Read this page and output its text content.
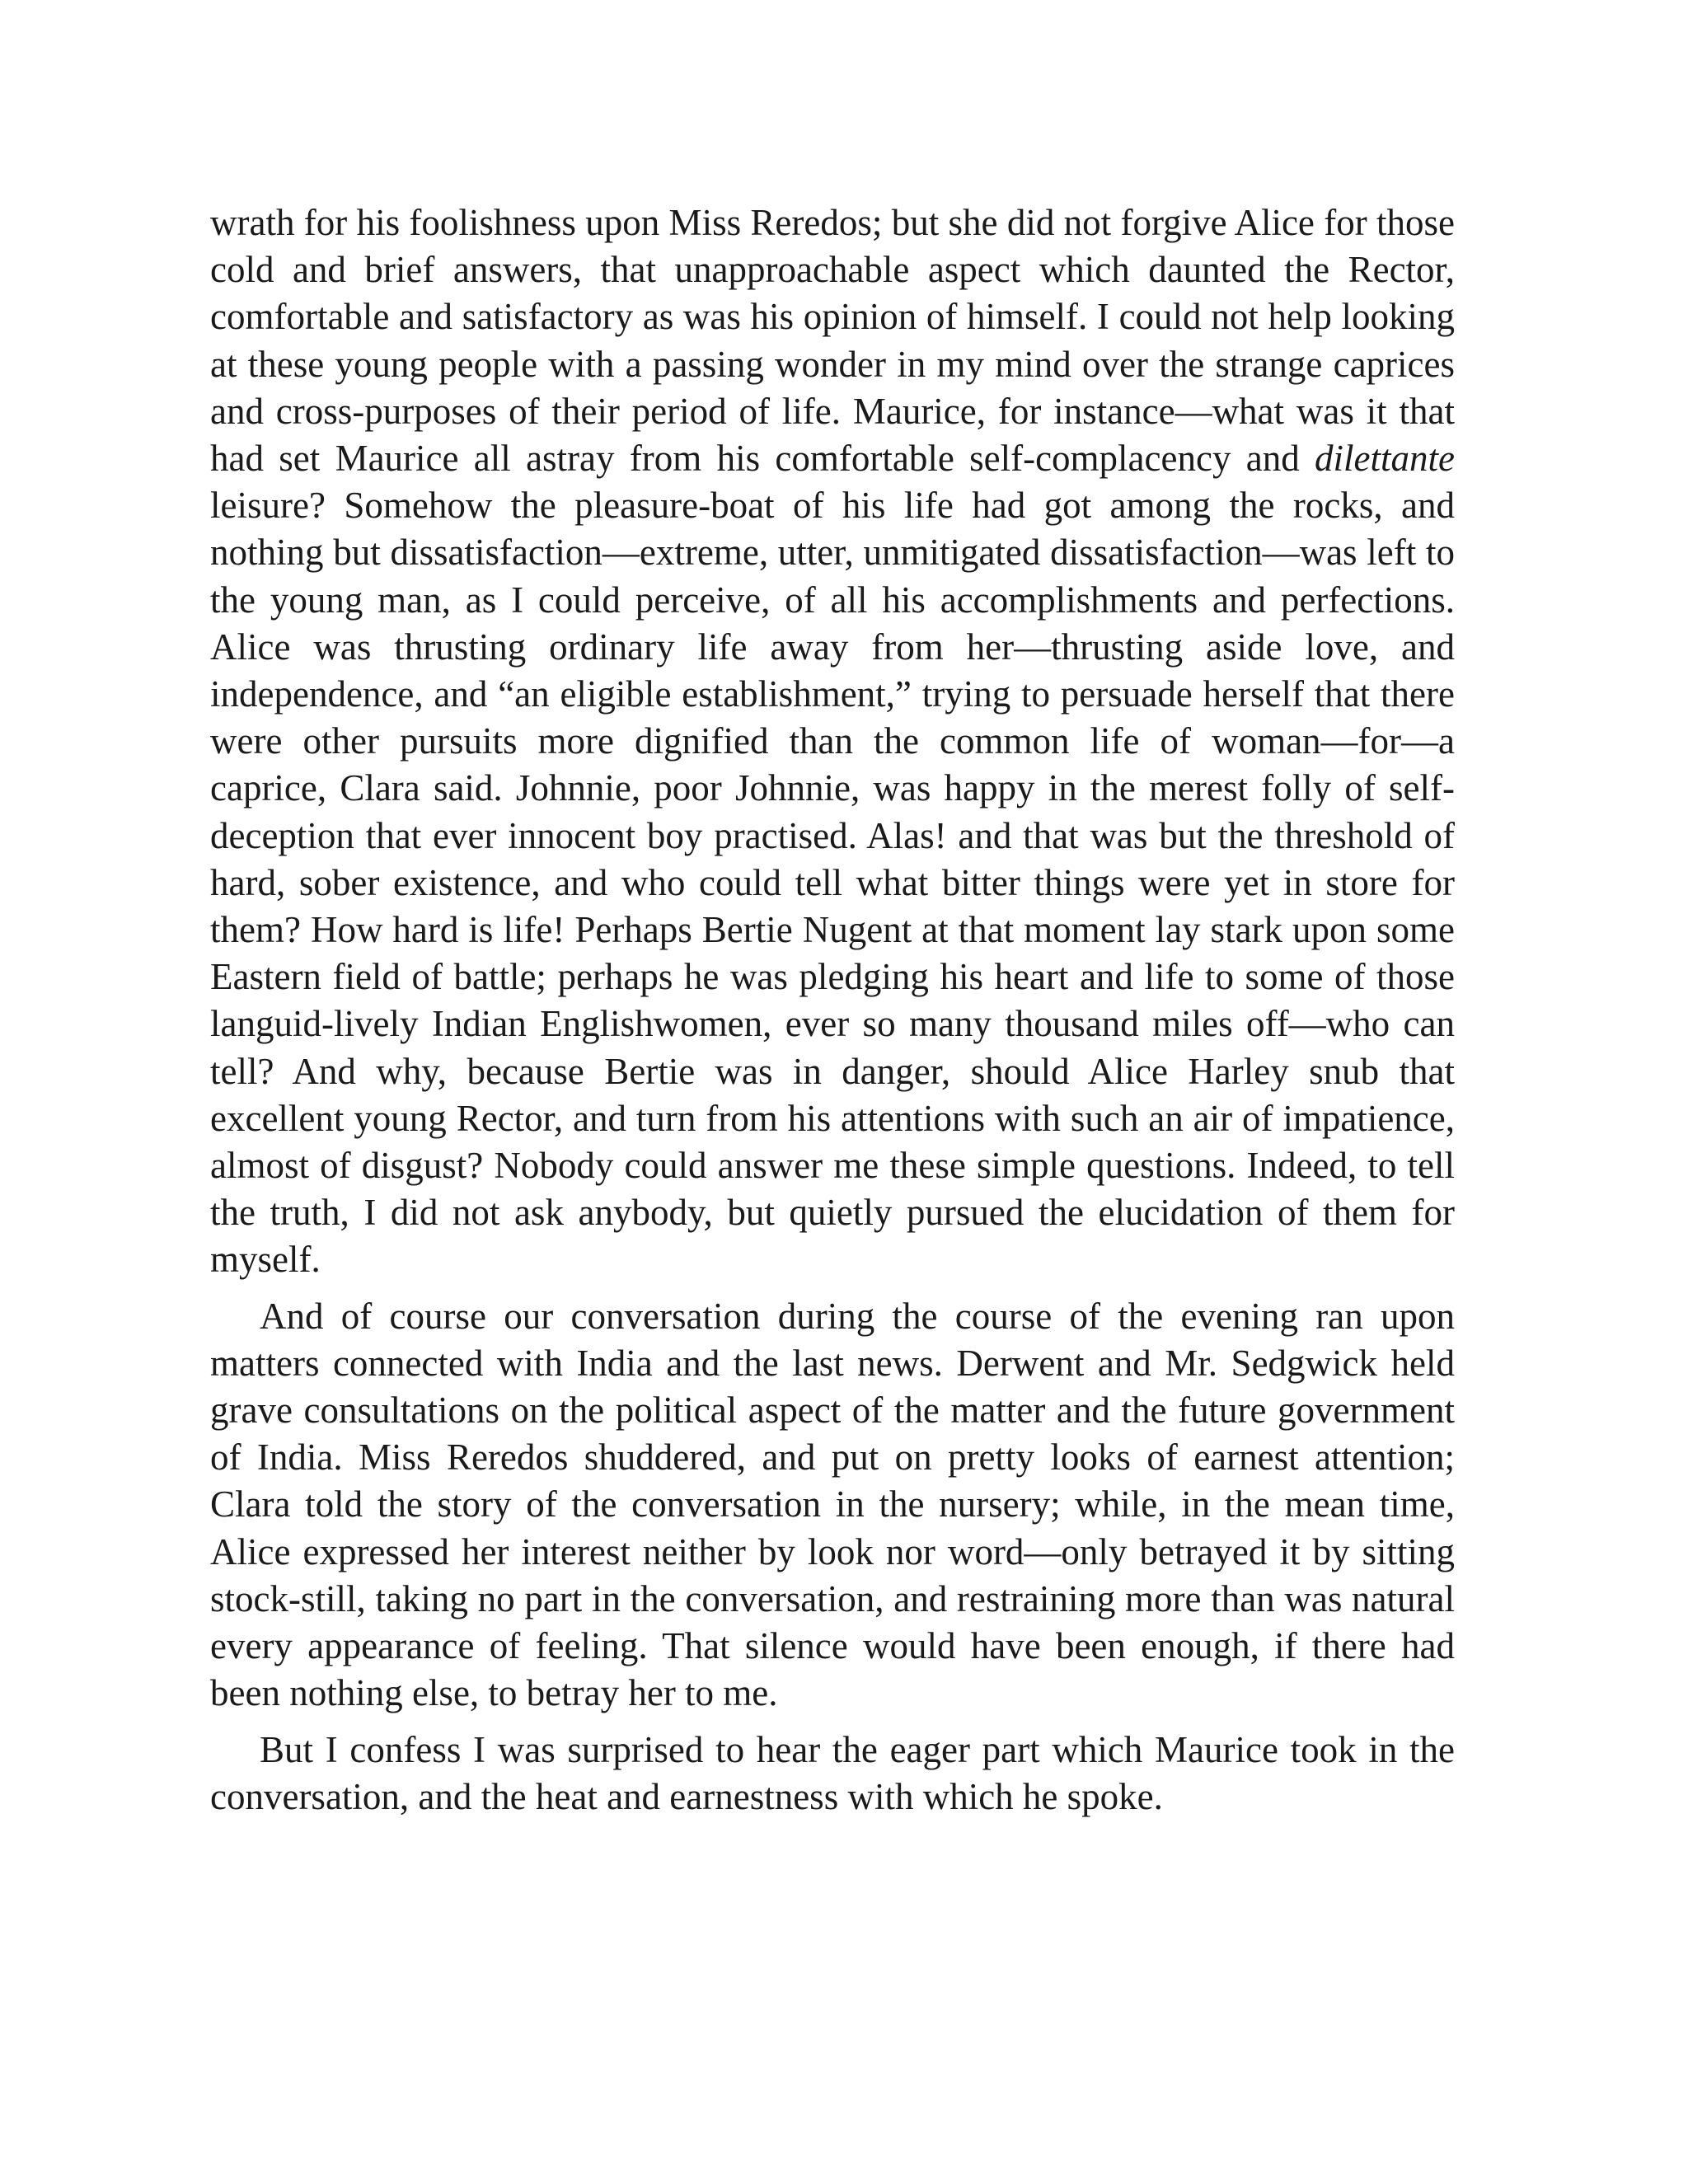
wrath for his foolishness upon Miss Reredos; but she did not forgive Alice for those cold and brief answers, that unapproachable aspect which daunted the Rector, comfortable and satisfactory as was his opinion of himself. I could not help looking at these young people with a passing wonder in my mind over the strange caprices and cross-purposes of their period of life. Maurice, for instance—what was it that had set Maurice all astray from his comfortable self-complacency and dilettante leisure? Somehow the pleasure-boat of his life had got among the rocks, and nothing but dissatisfaction—extreme, utter, unmitigated dissatisfaction—was left to the young man, as I could perceive, of all his accomplishments and perfections. Alice was thrusting ordinary life away from her—thrusting aside love, and independence, and “an eligible establishment,” trying to persuade herself that there were other pursuits more dignified than the common life of woman—for—a caprice, Clara said. Johnnie, poor Johnnie, was happy in the merest folly of self-deception that ever innocent boy practised. Alas! and that was but the threshold of hard, sober existence, and who could tell what bitter things were yet in store for them? How hard is life! Perhaps Bertie Nugent at that moment lay stark upon some Eastern field of battle; perhaps he was pledging his heart and life to some of those languid-lively Indian Englishwomen, ever so many thousand miles off—who can tell? And why, because Bertie was in danger, should Alice Harley snub that excellent young Rector, and turn from his attentions with such an air of impatience, almost of disgust? Nobody could answer me these simple questions. Indeed, to tell the truth, I did not ask anybody, but quietly pursued the elucidation of them for myself.

And of course our conversation during the course of the evening ran upon matters connected with India and the last news. Derwent and Mr. Sedgwick held grave consultations on the political aspect of the matter and the future government of India. Miss Reredos shuddered, and put on pretty looks of earnest attention; Clara told the story of the conversation in the nursery; while, in the mean time, Alice expressed her interest neither by look nor word—only betrayed it by sitting stock-still, taking no part in the conversation, and restraining more than was natural every appearance of feeling. That silence would have been enough, if there had been nothing else, to betray her to me.

But I confess I was surprised to hear the eager part which Maurice took in the conversation, and the heat and earnestness with which he spoke.
